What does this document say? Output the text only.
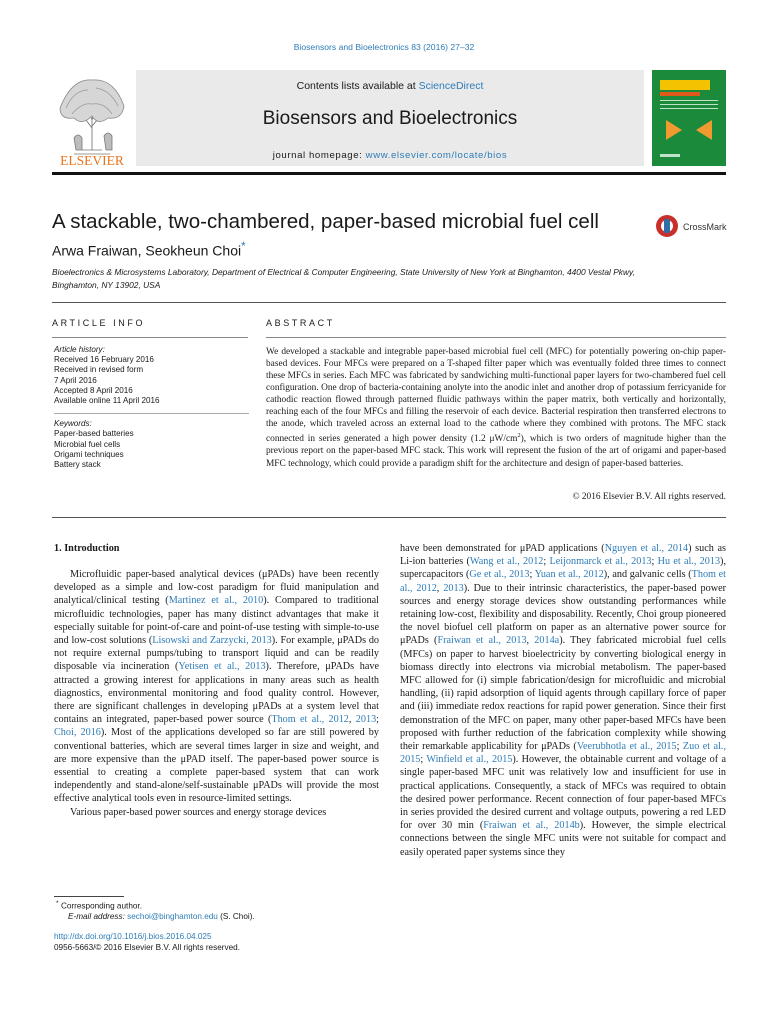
Biosensors and Bioelectronics 83 (2016) 27–32
ELSEVIER
Contents lists available at ScienceDirect
Biosensors and Bioelectronics
journal homepage: www.elsevier.com/locate/bios
A stackable, two-chambered, paper-based microbial fuel cell	CrossMark
Arwa Fraiwan, Seokheun Choi*
Bioelectronics & Microsystems Laboratory, Department of Electrical & Computer Engineering, State University of New York at Binghamton, 4400 Vestal Pkwy,
Binghamton, NY 13902, USA
ARTICLE INFO	ABSTRACT
Article history:
Received 16 February 2016
Received in revised form
7 April 2016
Accepted 8 April 2016
Available online 11 April 2016
Keywords:
Paper-based batteries
Microbial fuel cells
Origami techniques
Battery stack
We developed a stackable and integrable paper-based microbial fuel cell (MFC) for potentially powering on-chip paper-based devices. Four MFCs were prepared on a T-shaped filter paper which was eventually folded three times to connect these MFCs in series. Each MFC was fabricated by sandwiching multi-functional paper layers for two-chambered fuel cell configuration. One drop of bacteria-containing anolyte into the anodic inlet and another drop of potassium ferricyanide for cathodic reaction flowed through patterned fluidic pathways within the paper matrix, both vertically and horizontally, reaching each of the four MFCs and filling the reservoir of each device. Bacterial respiration then transferred electrons to the anode, which traveled across an external load to the cathode where they combined with protons. The MFC stack connected in series generated a high power density (1.2 $\mu W/cm^2$), which is two orders of magnitude higher than the previous report on the paper-based MFC stack. This work will represent the fusion of the art of origami and paper-based MFC technology, which could provide a paradigm shift for the architecture and design of paper-based batteries.
© 2016 Elsevier B.V. All rights reserved.
1. Introduction

Microfluidic paper-based analytical devices (μPADs) have been recently developed as a simple and low-cost paradigm for fluid manipulation and analytical/clinical testing (Martinez et al., 2010). Compared to traditional microfluidic technologies, paper has many distinct advantages that make it especially suitable for point-of-care and point-of-use testing with simple-to-use and low-cost solutions (Lisowski and Zarzycki, 2013). For example, μPADs do not require external pumps/tubing to transport liquid and can be readily disposable via incineration (Yetisen et al., 2013). Therefore, μPADs have attracted a growing interest for applications in many areas such as health diagnostics, environmental monitoring and food quality control. However, there are significant challenges in developing μPADs at a system level that contains an integrated, paper-based power source (Thom et al., 2012, 2013; Choi, 2016). Most of the applications developed so far are still powered by conventional batteries, which are several times larger in size and weight, and are more expensive than the μPAD itself. The paper-based power source is essential to creating a complete paper-based system that can work independently and stand-alone/self-sustainable μPADs will provide the most effective analytical tools even in resource-limited settings.

Various paper-based power sources and energy storage devices

have been demonstrated for μPAD applications (Nguyen et al., 2014) such as Li-ion batteries (Wang et al., 2012; Leijonmarck et al., 2013; Hu et al., 2013), supercapacitors (Ge et al., 2013; Yuan et al., 2012), and galvanic cells (Thom et al., 2012, 2013). Due to their intrinsic characteristics, the paper-based power sources and energy storage devices show outstanding performances while retaining low-cost, flexibility and disposability. Recently, Choi group pioneered the novel biofuel cell platform on paper as an alternative power source for μPADs (Fraiwan et al., 2013, 2014a). They fabricated microbial fuel cells (MFCs) on paper to harvest bioelectricity by converting biological energy in biomass directly into electrons via microbial metabolism. The paper-based MFC allowed for (i) simple fabrication/design for microfluidic and microbial handling, (ii) rapid adsorption of liquid agents through capillary force of paper and (iii) immediate redox reactions for rapid power generation. Since their first demonstration of the MFC on paper, many other paper-based MFCs have been proposed with further reduction of the fabrication complexity while showing their remarkable applicability for μPADs (Veerubhotla et al., 2015; Zuo et al., 2015; Winfield et al., 2015). However, the obtainable current and voltage of a single paper-based MFC unit was relatively low and insufficient for use in practical applications. Consequently, a stack of MFCs was required to obtain the desired power performance. Recent connection of four paper-based MFCs in series provided the desired current and voltage outputs, powering a red LED for over 30 min (Fraiwan et al., 2014b). However, the simple electrical connections between the single MFC units were not suitable for compact and easily operated paper systems since they

* Corresponding author.
E-mail address: sechoi@binghamton.edu (S. Choi).
http://dx.doi.org/10.1016/j.bios.2016.04.025
0956-5663/© 2016 Elsevier B.V. All rights reserved.
